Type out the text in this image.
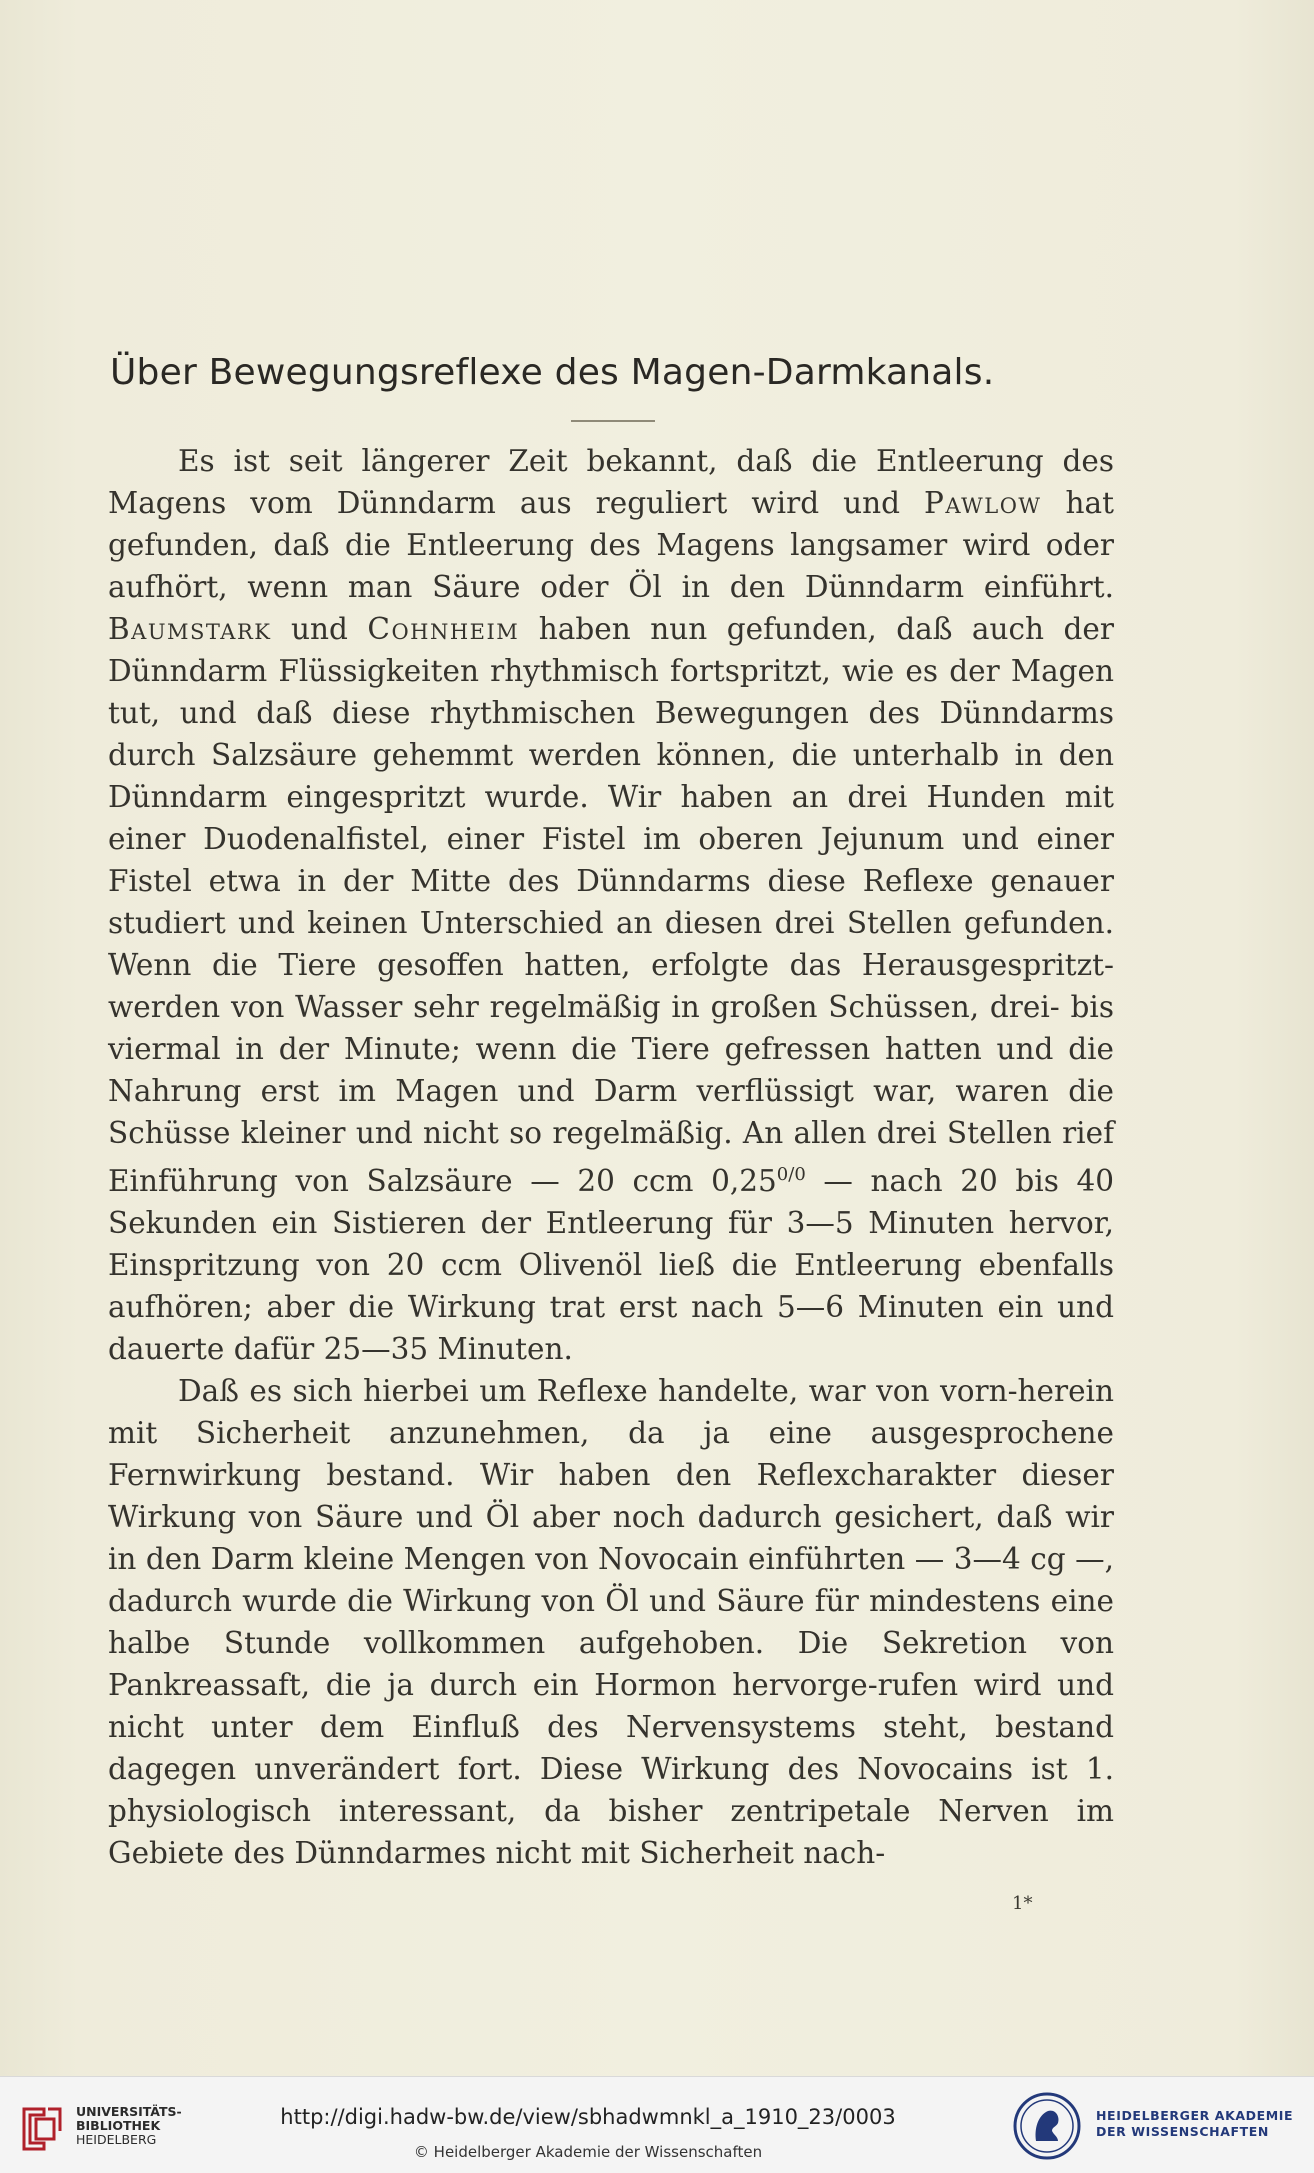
Über Bewegungsreflexe des Magen-Darmkanals.

Es ist seit längerer Zeit bekannt, daß die Entleerung des Magens vom Dünndarm aus reguliert wird und Pawlow hat gefunden, daß die Entleerung des Magens langsamer wird oder aufhört, wenn man Säure oder Öl in den Dünndarm einführt. Baumstark und Cohnheim haben nun gefunden, daß auch der Dünndarm Flüssigkeiten rhythmisch fortspritzt, wie es der Magen tut, und daß diese rhythmischen Bewegungen des Dünndarms durch Salzsäure gehemmt werden können, die unterhalb in den Dünndarm eingespritzt wurde. Wir haben an drei Hunden mit einer Duodenalfistel, einer Fistel im oberen Jejunum und einer Fistel etwa in der Mitte des Dünndarms diese Reflexe genauer studiert und keinen Unterschied an diesen drei Stellen gefunden. Wenn die Tiere gesoffen hatten, erfolgte das Herausgespritzt-werden von Wasser sehr regelmäßig in großen Schüssen, drei- bis viermal in der Minute; wenn die Tiere gefressen hatten und die Nahrung erst im Magen und Darm verflüssigt war, waren die Schüsse kleiner und nicht so regelmäßig. An allen drei Stellen rief Einführung von Salzsäure — 20 ccm $0,25^{0/0}$ — nach 20 bis 40 Sekunden ein Sistieren der Entleerung für 3—5 Minuten hervor, Einspritzung von 20 ccm Olivenöl ließ die Entleerung ebenfalls aufhören; aber die Wirkung trat erst nach 5—6 Minuten ein und dauerte dafür 25—35 Minuten.

Daß es sich hierbei um Reflexe handelte, war von vorn-herein mit Sicherheit anzunehmen, da ja eine ausgesprochene Fernwirkung bestand. Wir haben den Reflexcharakter dieser Wirkung von Säure und Öl aber noch dadurch gesichert, daß wir in den Darm kleine Mengen von Novocain einführten — 3—4 cg —, dadurch wurde die Wirkung von Öl und Säure für mindestens eine halbe Stunde vollkommen aufgehoben. Die Sekretion von Pankreassaft, die ja durch ein Hormon hervorge-rufen wird und nicht unter dem Einfluß des Nervensystems steht, bestand dagegen unverändert fort. Diese Wirkung des Novocains ist 1. physiologisch interessant, da bisher zentripetale Nerven im Gebiete des Dünndarmes nicht mit Sicherheit nach-

1*
UNIVERSITÄTS-
BIBLIOTHEK
HEIDELBERG
http://digi.hadw-bw.de/view/sbhadwmnkl_a_1910_23/0003
© Heidelberger Akademie der Wissenschaften
HEIDELBERGER AKADEMIE
DER WISSENSCHAFTEN
